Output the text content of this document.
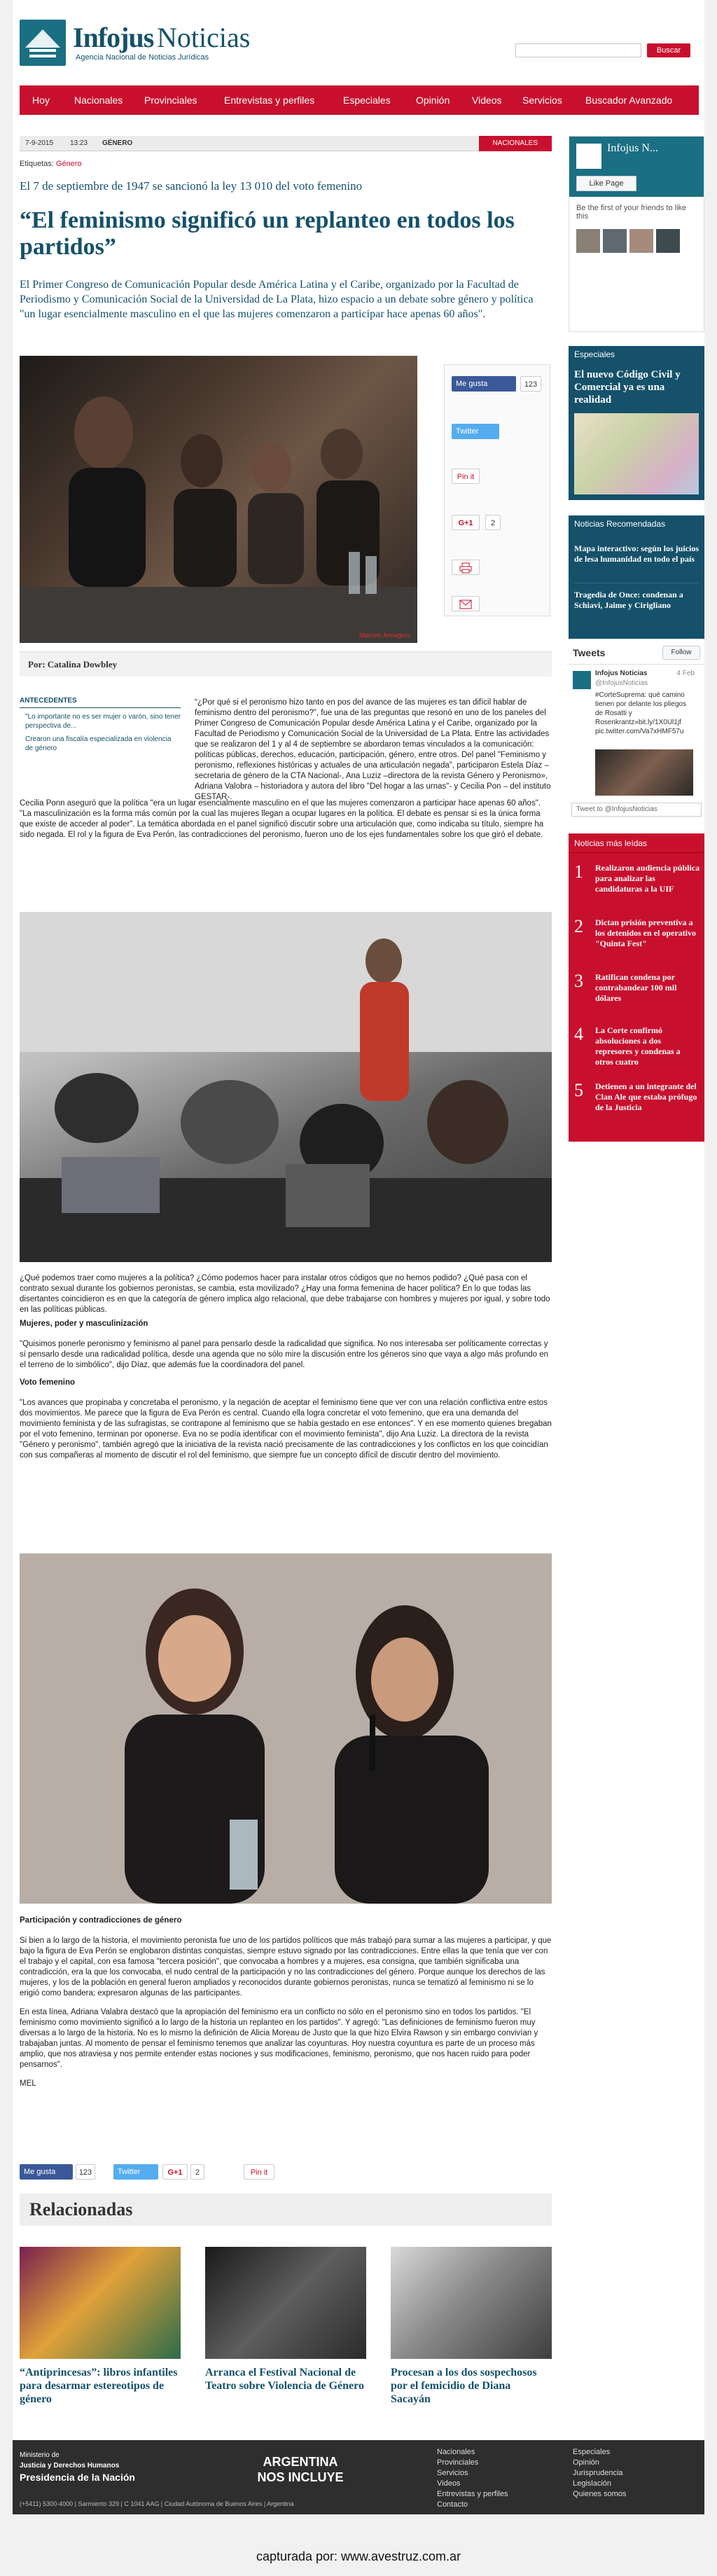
Infojus Noticias
Agencia Nacional de Noticias Jurídicas
Buscar
Hoy	Nacionales Provinciales	Entrevistas y perfiles	Especiales	Opinión Videos Servicios Buscador Avanzado
7-9-2015 13:23 GÉNERO	NACIONALES
Etiquetas: Género
El 7 de septiembre de 1947 se sancionó la ley 13 010 del voto femenino
“El feminismo significó un replanteo en todos los partidos”
El Primer Congreso de Comunicación Popular desde América Latina y el Caribe, organizado por la Facultad de Periodismo y Comunicación Social de la Universidad de La Plata, hizo espacio a un debate sobre género y política "un lugar esencialmente masculino en el que las mujeres comenzaron a participar hace apenas 60 años".
Marcelo Arinagoru
Me gusta	123
Twitter
Pin it
G+1	2
Por: Catalina Dowbley
ANTECEDENTES
"Lo importante no es ser mujer o varón, sino tener perspectiva de...
Crearon una fiscalía especializada en violencia de género

“¿Por qué si el peronismo hizo tanto en pos del avance de las mujeres es tan difícil hablar de feminismo dentro del peronismo?”, fue una de las preguntas que resonó en uno de los paneles del Primer Congreso de Comunicación Popular desde América Latina y el Caribe, organizado por la Facultad de Periodismo y Comunicación Social de la Universidad de La Plata. Entre las actividades que se realizaron del 1 y al 4 de septiembre se abordaron temas vinculados a la comunicación: políticas públicas, derechos, educación, participación, género, entre otros. Del panel "Feminismo y peronismo, reflexiones históricas y actuales de una articulación negada", participaron Estela Díaz – secretaria de género de la CTA Nacional-, Ana Luziz –directora de la revista Género y Peronismo», Adriana Valobra – historiadora y autora del libro "Del hogar a las urnas"- y Cecilia Pon – del instituto GESTAR-.

Cecilia Ponn aseguró que la política "era un lugar esencialmente masculino en el que las mujeres comenzaron a participar hace apenas 60 años". "La masculinización es la forma más común por la cual las mujeres llegan a ocupar lugares en la política. El debate es pensar si es la única forma que existe de acceder al poder". La temática abordada en el panel significó discutir sobre una articulación que, como indicaba su título, siempre ha sido negada. El rol y la figura de Eva Perón, las contradicciones del peronismo, fueron uno de los ejes fundamentales sobre los que giró el debate.

¿Qué podemos traer como mujeres a la política? ¿Cómo podemos hacer para instalar otros códigos que no hemos podido? ¿Qué pasa con el contrato sexual durante los gobiernos peronistas, se cambia, esta movilizado? ¿Hay una forma femenina de hacer política? En lo que todas las disertantes coincidieron es en que la categoría de género implica algo relacional, que debe trabajarse con hombres y mujeres por igual, y sobre todo en las políticas públicas.

Mujeres, poder y masculinización

"Quisimos ponerle peronismo y feminismo al panel para pensarlo desde la radicalidad que significa. No nos interesaba ser políticamente correctas y sí pensarlo desde una radicalidad política, desde una agenda que no sólo mire la discusión entre los géneros sino que vaya a algo más profundo en el terreno de lo simbólico", dijo Díaz, que además fue la coordinadora del panel.

Voto femenino

"Los avances que propinaba y concretaba el peronismo, y la negación de aceptar el feminismo tiene que ver con una relación conflictiva entre estos dos movimientos. Me parece que la figura de Eva Perón es central. Cuando ella logra concretar el voto femenino, que era una demanda del movimiento feminista y de las sufragistas, se contrapone al feminismo que se había gestado en ese entonces". Y en ese momento quienes bregaban por el voto femenino, terminan por oponerse. Eva no se podía identificar con el movimiento feminista", dijo Ana Luziz. La directora de la revista "Género y peronismo", también agregó que la iniciativa de la revista nació precisamente de las contradicciones y los conflictos en los que coincidían con sus compañeras al momento de discutir el rol del feminismo, que siempre fue un concepto difícil de discutir dentro del movimiento.

Participación y contradicciones de género

Si bien a lo largo de la historia, el movimiento peronista fue uno de los partidos políticos que más trabajó para sumar a las mujeres a participar, y que bajo la figura de Eva Perón se englobaron distintas conquistas, siempre estuvo signado por las contradicciones. Entre ellas la que tenía que ver con el trabajo y el capital, con esa famosa "tercera posición", que convocaba a hombres y a mujeres, esa consigna, que también significaba una contradicción, era la que los convocaba, el nudo central de la participación y no las contradicciones del género. Porque aunque los derechos de las mujeres, y los de la población en general fueron ampliados y reconocidos durante gobiernos peronistas, nunca se tematizó al feminismo ni se lo erigió como bandera; expresaron algunas de las participantes.

En esta línea, Adriana Valabra destacó que la apropiación del feminismo era un conflicto no sólo en el peronismo sino en todos los partidos. "El feminismo como movimiento significó a lo largo de la historia un replanteo en los partidos". Y agregó: "Las definiciones de feminismo fueron muy diversas a lo largo de la historia. No es lo mismo la definición de Alicia Moreau de Justo que la que hizo Elvira Rawson y sin embargo convivían y trabajaban juntas. Al momento de pensar el feminismo tenemos que analizar las coyunturas. Hoy nuestra coyuntura es parte de un proceso más amplio, que nos atraviesa y nos permite entender estas nociones y sus modificaciones, feminismo, peronismo, que nos hacen ruido para poder pensarnos".

MEL

Me gusta	123	Twitter	G+1	2	Pin it
Relacionadas
“Antiprincesas”: libros infantiles para desarmar estereotipos de género
Arranca el Festival Nacional de Teatro sobre Violencia de Género
Procesan a los dos sospechosos por el femicidio de Diana Sacayán
Infojus N...
Like Page
Be the first of your friends to like this
Especiales
El nuevo Código Civil y Comercial ya es una realidad
Noticias Recomendadas
Mapa interactivo: según los juicios de lesa humanidad en todo el país
Tragedia de Once: condenan a Schiavi, Jaime y Cirigliano
Tweets	Follow
Infojus Noticias
@InfojusNoticias
4 Feb
#CorteSuprema: qué camino tienen por delante los pliegos de Rosatti y Rosenkrantz»bit.ly/1X0Ul1jf pic.twitter.com/Va7xHMF57u
Tweet to @InfojusNoticias
Noticias más leídas
1	Realizaron audiencia pública para analizar las candidaturas a la UIF
2	Dictan prisión preventiva a los detenidos en el operativo "Quinta Fest"
3	Ratifican condena por contrabandear 100 mil dólares
4	La Corte confirmó absoluciones a dos represores y condenas a otros cuatro
5	Detienen a un integrante del Clan Ale que estaba prófugo de la Justicia
Ministerio de
Justicia y Derechos Humanos
Presidencia de la Nación
(+5411) 5300-4000 | Sarmiento 329 | C 1041 AAG | Ciudad Autónoma de Buenos Aires | Argentina
ARGENTINA
NOS INCLUYE
Nacionales
Provinciales
Servicios
Videos
Entrevistas y perfiles
Contacto
Especiales
Opinión
Jurisprudencia
Legislación
Quienes somos
capturada por: www.avestruz.com.ar
